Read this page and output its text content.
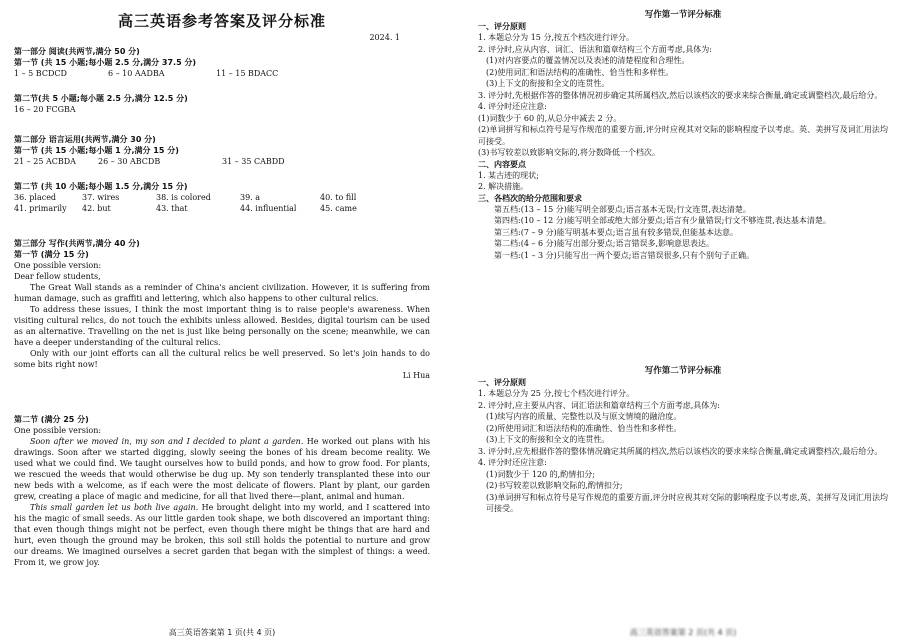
高三英语参考答案及评分标准
2024. 1
第一部分 阅读(共两节,满分 50 分)
第一节 (共 15 小题;每小题 2.5 分,满分 37.5 分)
1 – 5 BCDCD	6 – 10 AADBA	11 – 15 BDACC
第二节(共 5 小题;每小题 2.5 分,满分 12.5 分)
16 – 20 FCGBA
第二部分 语言运用(共两节,满分 30 分)
第一节 (共 15 小题;每小题 1 分,满分 15 分)
21 – 25 ACBDA	26 – 30 ABCDB	31 – 35 CABDD
第二节 (共 10 小题;每小题 1.5 分,满分 15 分)
36. placed	37. wires	38. is colored	39. a	40. to fill
41. primarily	42. but	43. that	44. influential	45. came
第三部分 写作(共两节,满分 40 分)
第一节 (满分 15 分)
One possible version:
Dear fellow students,
The Great Wall stands as a reminder of China's ancient civilization. However, it is suffering from human damage, such as graffiti and lettering, which also happens to other cultural relics.
To address these issues, I think the most important thing is to raise people's awareness. When visiting cultural relics, do not touch the exhibits unless allowed. Besides, digital tourism can be used as an alternative. Travelling on the net is just like being personally on the scene; meanwhile, we can have a deeper understanding of the cultural relics.
Only with our joint efforts can all the cultural relics be well preserved. So let's join hands to do some bits right now!
Li Hua
第二节 (满分 25 分)
One possible version:
Soon after we moved in, my son and I decided to plant a garden. He worked out plans with his drawings. Soon after we started digging, slowly seeing the bones of his dream become reality. We used what we could find. We taught ourselves how to build ponds, and how to grow food. For plants, we rescued the weeds that would otherwise be dug up. My son tenderly transplanted these into our new beds with a welcome, as if each were the most delicate of flowers. Plant by plant, our garden grew, creating a place of magic and medicine, for all that lived there—plant, animal and human.
This small garden let us both live again. He brought delight into my world, and I scattered into his the magic of small seeds. As our little garden took shape, we both discovered an important thing: that even though things might not be perfect, even though there might be things that are hard and hurt, even though the ground may be broken, this soil still holds the potential to nurture and grow our dreams. We imagined ourselves a secret garden that began with the simplest of things: a weed. From it, we grow joy.
高三英语答案第 1 页(共 4 页)
写作第一节评分标准
一、评分原则
1. 本题总分为 15 分,按五个档次进行评分。
2. 评分时,应从内容、词汇、语法和篇章结构三个方面考虑,具体为:
(1)对内容要点的覆盖情况以及表述的清楚程度和合理性。
(2)使用词汇和语法结构的准确性、恰当性和多样性。
(3)上下文的衔接和全文的连贯性。
3. 评分时,先根据作答的整体情况初步确定其所属档次,然后以该档次的要求来综合衡量,确定或调整档次,最后给分。
4. 评分时还应注意:
(1)词数少于 60 的,从总分中减去 2 分。
(2)单词拼写和标点符号是写作规范的重要方面,评分时应视其对交际的影响程度予以考虑。英、美拼写及词汇用法均可接受。
(3)书写较差以致影响交际的,将分数降低一个档次。
二、内容要点
1. 某古迹的现状;
2. 解决措施。
三、各档次的给分范围和要求
第五档:(13 – 15 分)能写明全部要点;语言基本无误;行文连贯,表达清楚。
第四档:(10 – 12 分)能写明全部或绝大部分要点;语言有少量错误;行文不够连贯,表达基本清楚。
第三档:(7 – 9 分)能写明基本要点;语言虽有较多错误,但能基本达意。
第二档:(4 – 6 分)能写出部分要点;语言错误多,影响意思表达。
第一档:(1 – 3 分)只能写出一两个要点;语言错误很多,只有个别句子正确。
写作第二节评分标准
一、评分原则
1. 本题总分为 25 分,按七个档次进行评分。
2. 评分时,应主要从内容、词汇语法和篇章结构三个方面考虑,具体为:
(1)续写内容的质量、完整性以及与原文情境的融洽度。
(2)所使用词汇和语法结构的准确性、恰当性和多样性。
(3)上下文的衔接和全文的连贯性。
3. 评分时,应先根据作答的整体情况确定其所属的档次,然后以该档次的要求来综合衡量,确定或调整档次,最后给分。
4. 评分时还应注意:
(1)词数少于 120 的,酌情扣分;
(2)书写较差以致影响交际的,酌情扣分;
(3)单词拼写和标点符号是写作规范的重要方面,评分时应视其对交际的影响程度予以考虑,英、美拼写及词汇用法均可接受。
高三英语答案第 2 页(共 4 页)
